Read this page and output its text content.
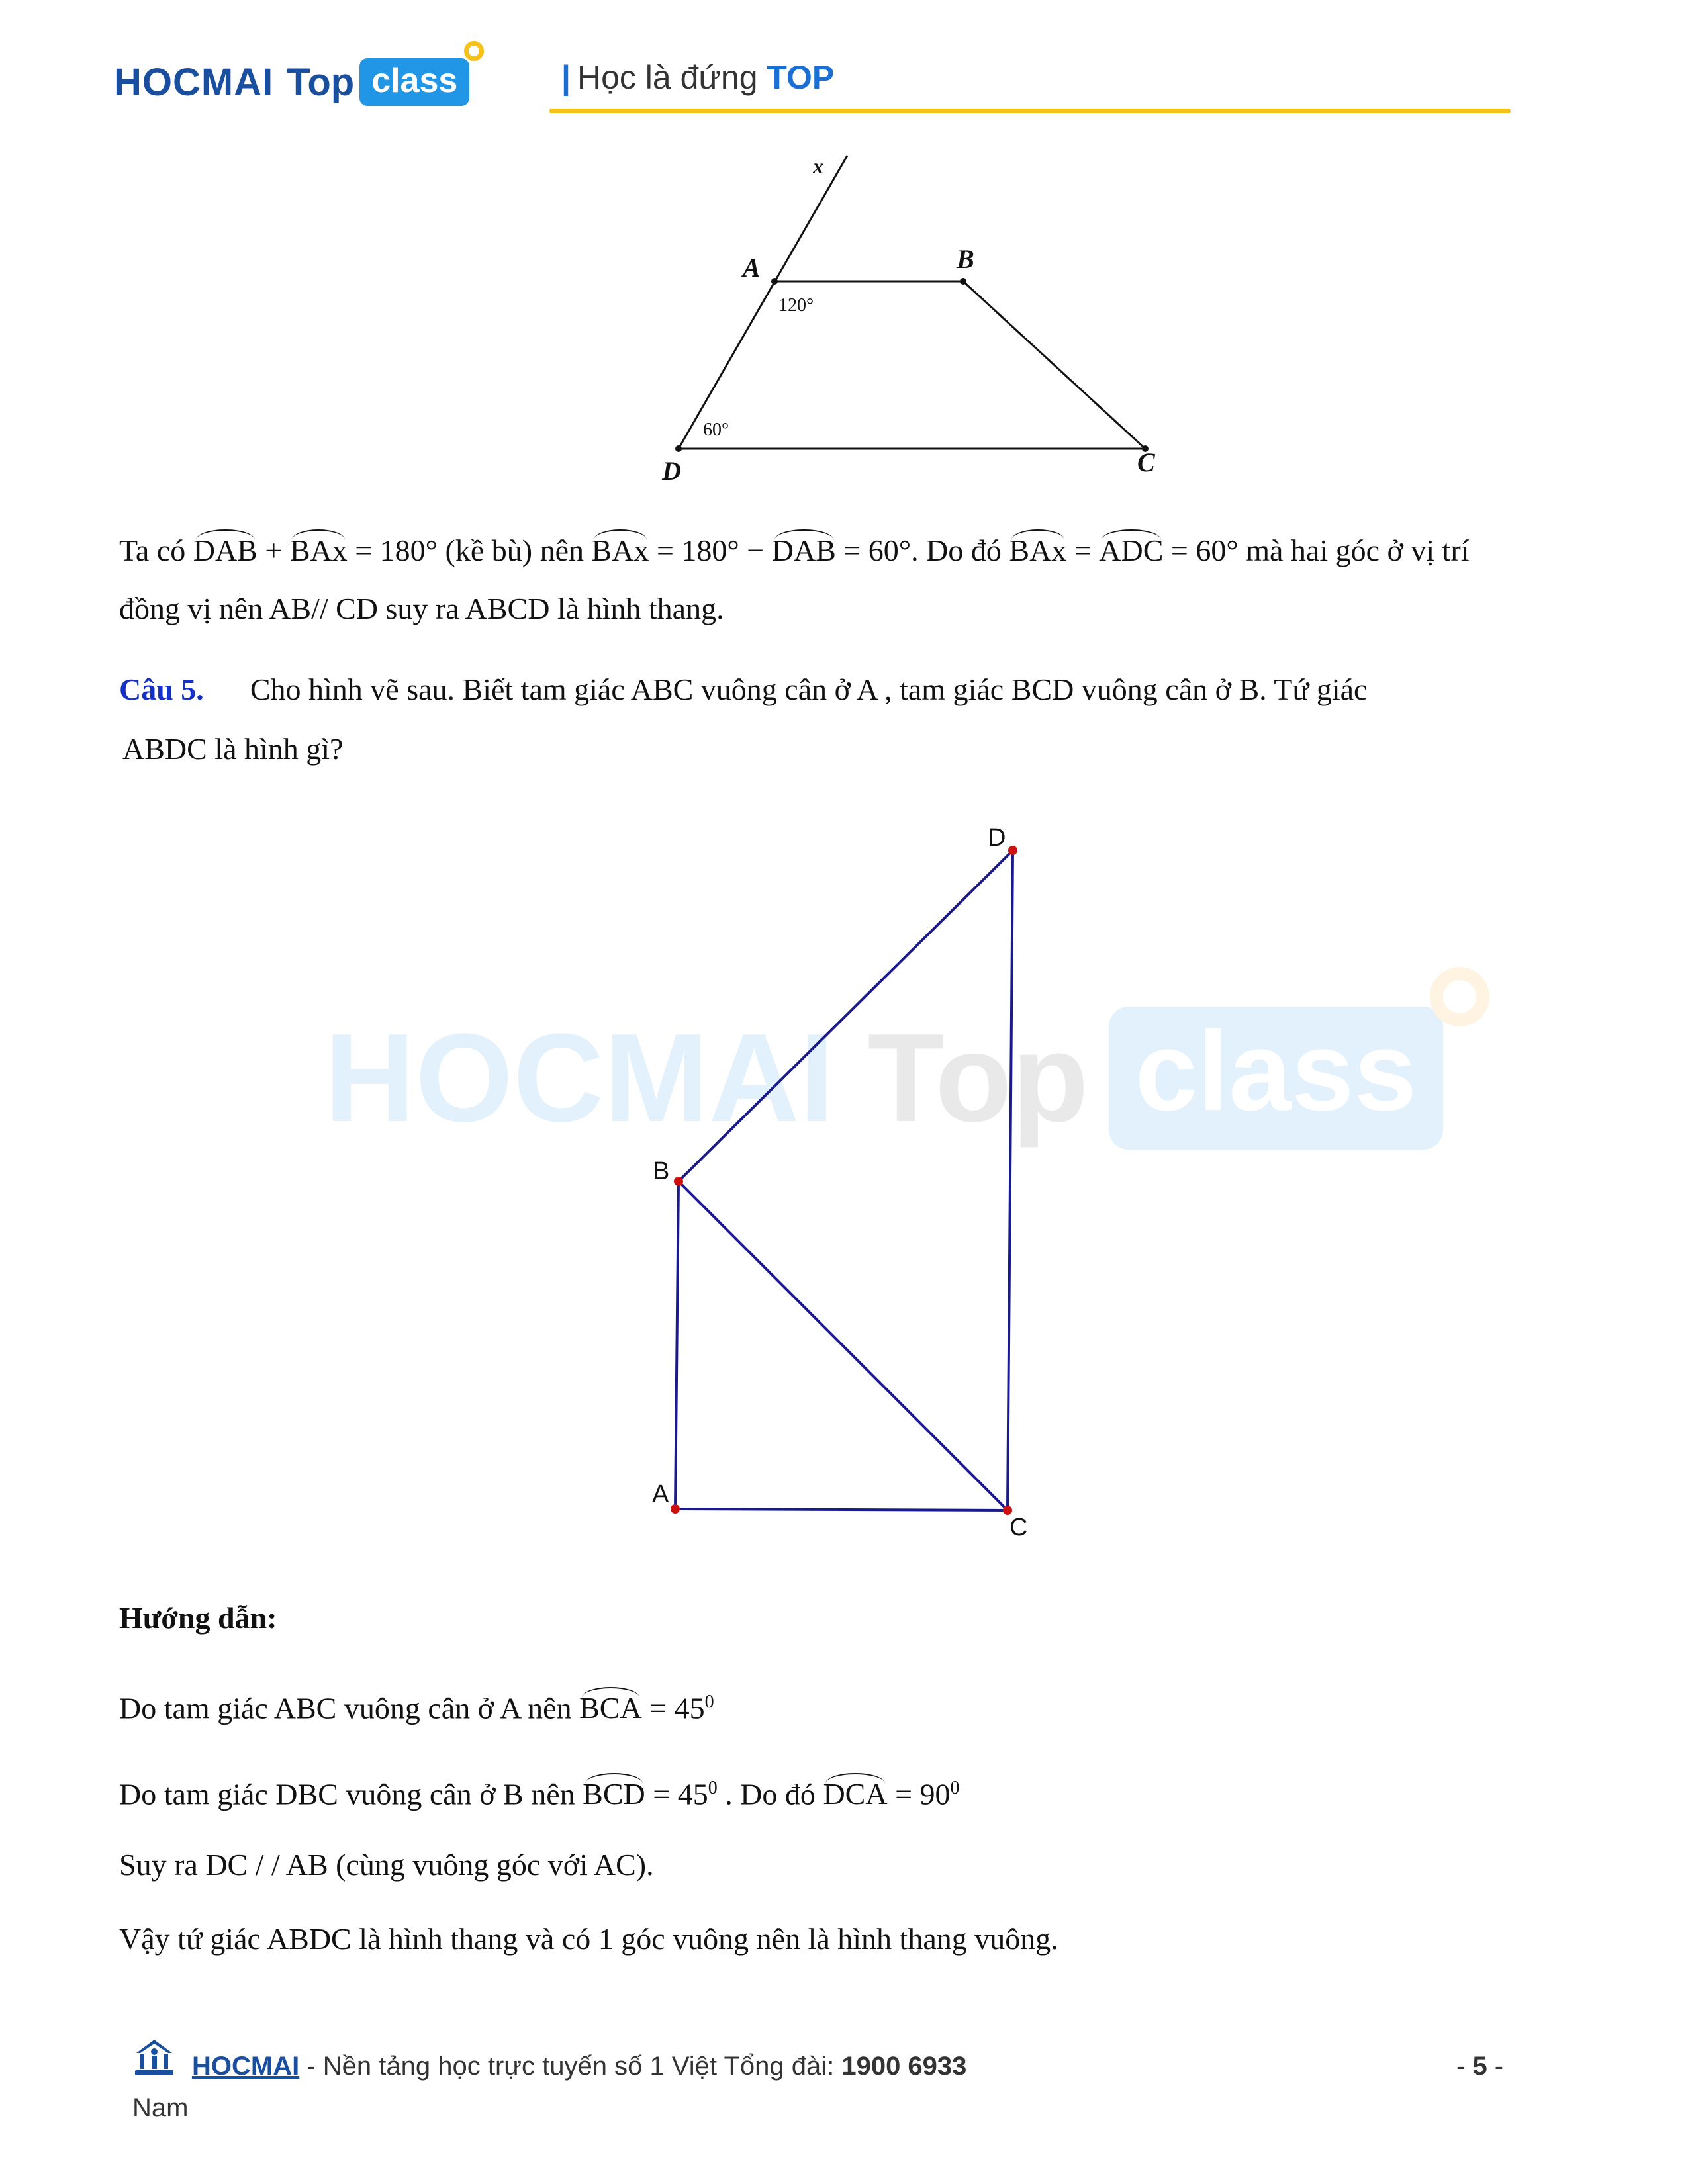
HOCMAI Top class	| Học là đứng TOP
x
A	B
C
D
120°
60°
Ta có DAB + BAx = 180° (kề bù) nên BAx = 180° − DAB = 60°. Do đó BAx = ADC = 60° mà hai góc ở vị trí
đồng vị nên AB// CD suy ra ABCD là hình thang.
Câu 5. Cho hình vẽ sau. Biết tam giác ABC vuông cân ở A , tam giác BCD vuông cân ở B. Tứ giác
ABDC là hình gì?
HOCMAI Top class
D
B
A
C
Hướng dẫn:
Do tam giác ABC vuông cân ở A nên BCA = $45^0$
Do tam giác DBC vuông cân ở B nên BCD = $45^0$ . Do đó DCA = $90^0$
Suy ra DC / / AB (cùng vuông góc với AC).
Vậy tứ giác ABDC là hình thang và có 1 góc vuông nên là hình thang vuông.
HOCMAI - Nền tảng học trực tuyến số 1 Việt Tổng đài: 1900 6933	- 5 -
Nam
